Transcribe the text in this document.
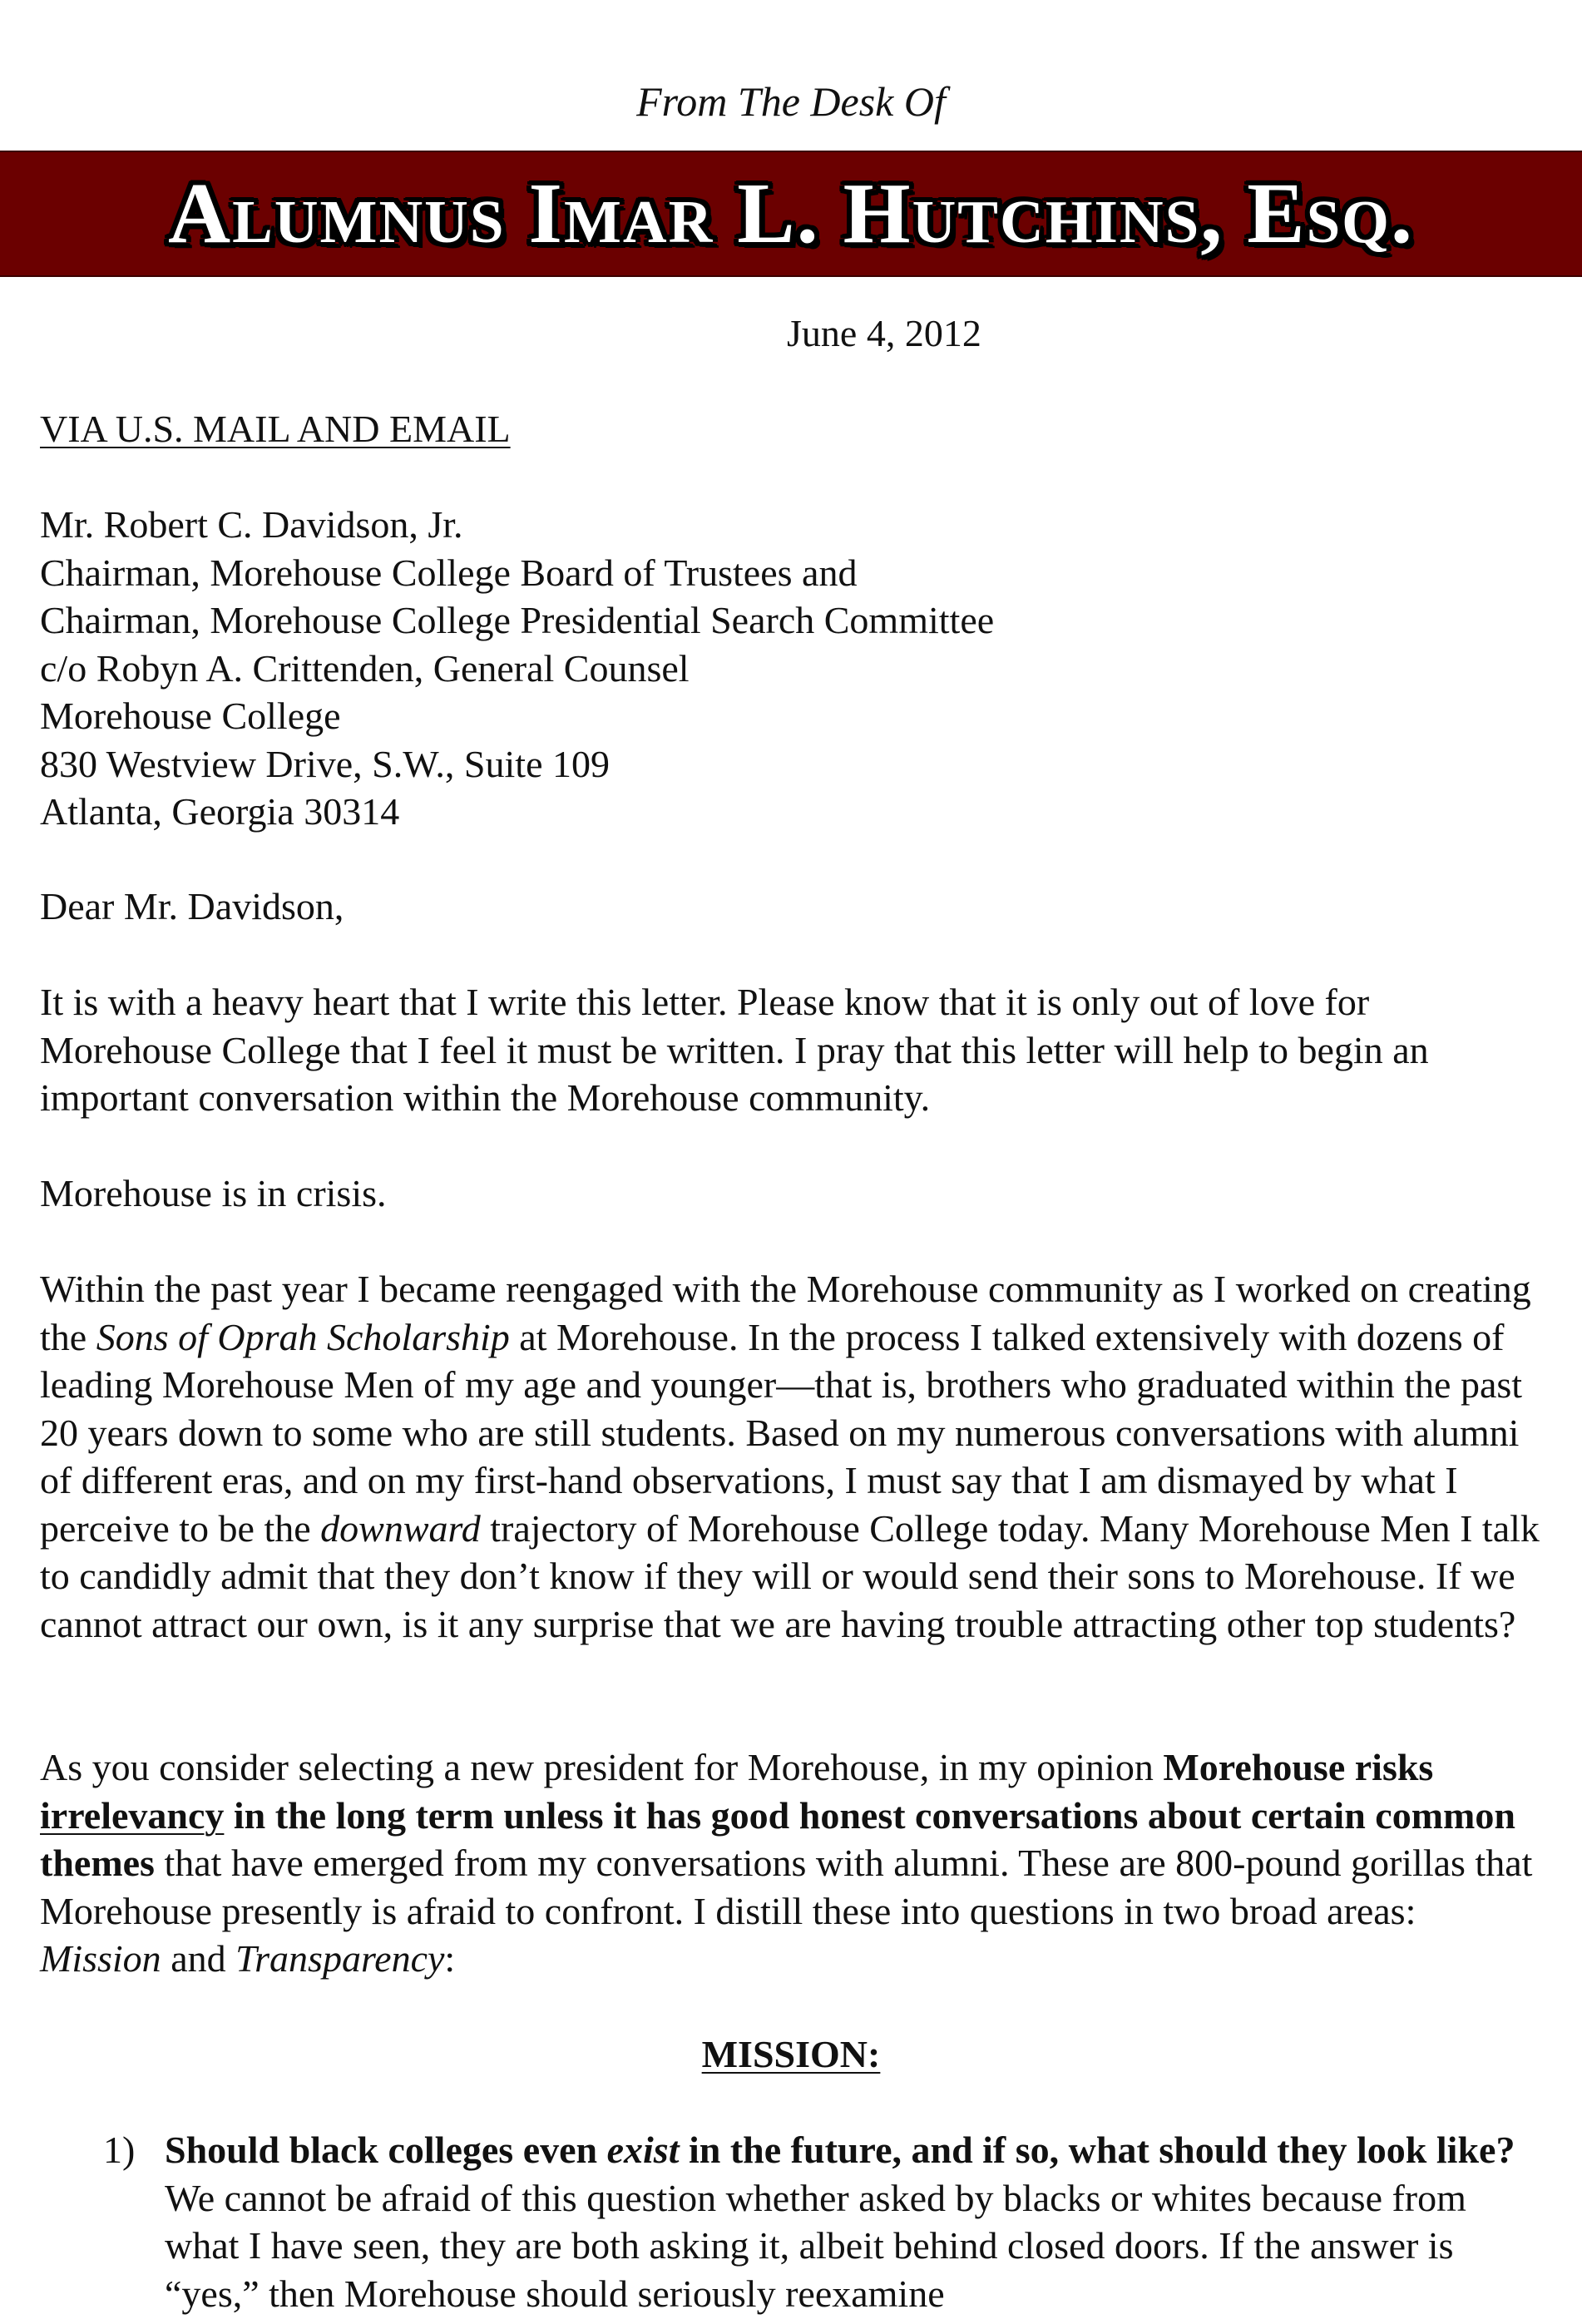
From The Desk Of
Alumnus Imar L. Hutchins, Esq.
June 4, 2012
VIA U.S. MAIL AND EMAIL
Mr. Robert C. Davidson, Jr.
Chairman, Morehouse College Board of Trustees and
Chairman, Morehouse College Presidential Search Committee
c/o Robyn A. Crittenden, General Counsel
Morehouse College
830 Westview Drive, S.W., Suite 109
Atlanta, Georgia 30314
Dear Mr. Davidson,

It is with a heavy heart that I write this letter. Please know that it is only out of love for Morehouse College that I feel it must be written. I pray that this letter will help to begin an important conversation within the Morehouse community.

Morehouse is in crisis.

Within the past year I became reengaged with the Morehouse community as I worked on creating the Sons of Oprah Scholarship at Morehouse. In the process I talked extensively with dozens of leading Morehouse Men of my age and younger—that is, brothers who graduated within the past 20 years down to some who are still students. Based on my numerous conversations with alumni of different eras, and on my first-hand observations, I must say that I am dismayed by what I perceive to be the downward trajectory of Morehouse College today. Many Morehouse Men I talk to candidly admit that they don’t know if they will or would send their sons to Morehouse. If we cannot attract our own, is it any surprise that we are having trouble attracting other top students?

As you consider selecting a new president for Morehouse, in my opinion Morehouse risks irrelevancy in the long term unless it has good honest conversations about certain common themes that have emerged from my conversations with alumni. These are 800-pound gorillas that Morehouse presently is afraid to confront. I distill these into questions in two broad areas: Mission and Transparency:

MISSION:
1) Should black colleges even exist in the future, and if so, what should they look like? We cannot be afraid of this question whether asked by blacks or whites because from what I have seen, they are both asking it, albeit behind closed doors. If the answer is “yes,” then Morehouse should seriously reexamine
